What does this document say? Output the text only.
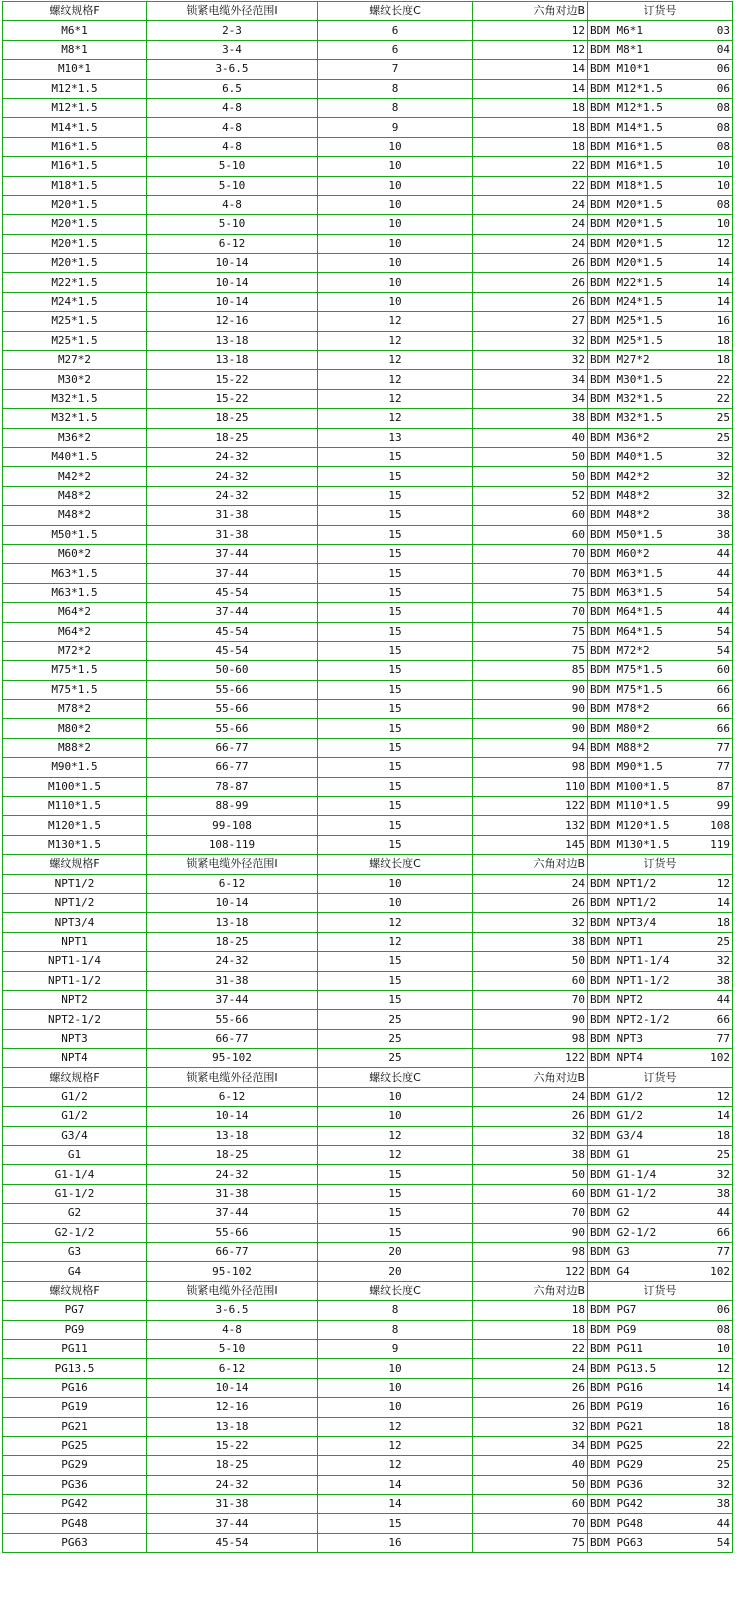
螺纹规格F	锁紧电缆外径范围I	螺纹长度C	六角对边B	订货号
M6*1	2-3	6	12	BDM M6*1 03

M8*1	3-4	6	12	BDM M8*1 04

M10*1	3-6.5	7	14	BDM M10*1 06

M12*1.5	6.5	8	14	BDM M12*1.5 06

M12*1.5	4-8	8	18	BDM M12*1.5 08

M14*1.5	4-8	9	18	BDM M14*1.5 08

M16*1.5	4-8	10	18	BDM M16*1.5 08

M16*1.5	5-10	10	22	BDM M16*1.5 10

M18*1.5	5-10	10	22	BDM M18*1.5 10

M20*1.5	4-8	10	24	BDM M20*1.5 08

M20*1.5	5-10	10	24	BDM M20*1.5 10

M20*1.5	6-12	10	24	BDM M20*1.5 12

M20*1.5	10-14	10	26	BDM M20*1.5 14

M22*1.5	10-14	10	26	BDM M22*1.5 14

M24*1.5	10-14	10	26	BDM M24*1.5 14

M25*1.5	12-16	12	27	BDM M25*1.5 16

M25*1.5	13-18	12	32	BDM M25*1.5 18

M27*2	13-18	12	32	BDM M27*2 18

M30*2	15-22	12	34	BDM M30*1.5 22

M32*1.5	15-22	12	34	BDM M32*1.5 22

M32*1.5	18-25	12	38	BDM M32*1.5 25

M36*2	18-25	13	40	BDM M36*2 25

M40*1.5	24-32	15	50	BDM M40*1.5 32

M42*2	24-32	15	50	BDM M42*2 32

M48*2	24-32	15	52	BDM M48*2 32

M48*2	31-38	15	60	BDM M48*2 38

M50*1.5	31-38	15	60	BDM M50*1.5 38

M60*2	37-44	15	70	BDM M60*2 44

M63*1.5	37-44	15	70	BDM M63*1.5 44

M63*1.5	45-54	15	75	BDM M63*1.5 54

M64*2	37-44	15	70	BDM M64*1.5 44

M64*2	45-54	15	75	BDM M64*1.5 54

M72*2	45-54	15	75	BDM M72*2 54

M75*1.5	50-60	15	85	BDM M75*1.5 60

M75*1.5	55-66	15	90	BDM M75*1.5 66

M78*2	55-66	15	90	BDM M78*2 66

M80*2	55-66	15	90	BDM M80*2 66

M88*2	66-77	15	94	BDM M88*2 77

M90*1.5	66-77	15	98	BDM M90*1.5 77

M100*1.5	78-87	15	110	BDM M100*1.5 87

M110*1.5	88-99	15	122	BDM M110*1.5 99

M120*1.5	99-108	15	132	BDM M120*1.5 108

M130*1.5	108-119	15	145	BDM M130*1.5 119

螺纹规格F	锁紧电缆外径范围I	螺纹长度C	六角对边B	订货号
NPT1/2	6-12	10	24	BDM NPT1/2 12

NPT1/2	10-14	10	26	BDM NPT1/2 14

NPT3/4	13-18	12	32	BDM NPT3/4 18

NPT1	18-25	12	38	BDM NPT1 25

NPT1-1/4	24-32	15	50	BDM NPT1-1/4 32

NPT1-1/2	31-38	15	60	BDM NPT1-1/2 38

NPT2	37-44	15	70	BDM NPT2 44

NPT2-1/2	55-66	25	90	BDM NPT2-1/2 66

NPT3	66-77	25	98	BDM NPT3 77

NPT4	95-102	25	122	BDM NPT4 102

螺纹规格F	锁紧电缆外径范围I	螺纹长度C	六角对边B	订货号
G1/2	6-12	10	24	BDM G1/2 12

G1/2	10-14	10	26	BDM G1/2 14

G3/4	13-18	12	32	BDM G3/4 18

G1	18-25	12	38	BDM G1 25

G1-1/4	24-32	15	50	BDM G1-1/4 32

G1-1/2	31-38	15	60	BDM G1-1/2 38

G2	37-44	15	70	BDM G2 44

G2-1/2	55-66	15	90	BDM G2-1/2 66

G3	66-77	20	98	BDM G3 77

G4	95-102	20	122	BDM G4 102

螺纹规格F	锁紧电缆外径范围I	螺纹长度C	六角对边B	订货号
PG7	3-6.5	8	18	BDM PG7 06

PG9	4-8	8	18	BDM PG9 08

PG11	5-10	9	22	BDM PG11 10

PG13.5	6-12	10	24	BDM PG13.5 12

PG16	10-14	10	26	BDM PG16 14

PG19	12-16	10	26	BDM PG19 16

PG21	13-18	12	32	BDM PG21 18

PG25	15-22	12	34	BDM PG25 22

PG29	18-25	12	40	BDM PG29 25

PG36	24-32	14	50	BDM PG36 32

PG42	31-38	14	60	BDM PG42 38

PG48	37-44	15	70	BDM PG48 44

PG63	45-54	16	75	BDM PG63 54
